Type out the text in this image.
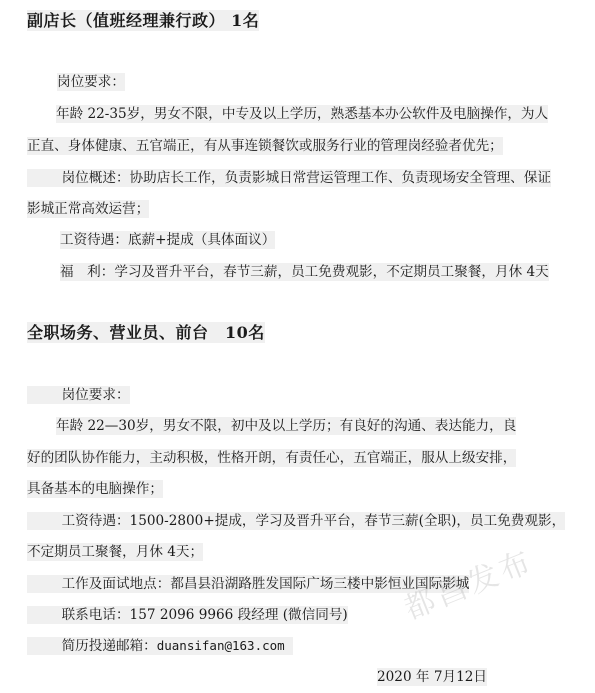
副店长（值班经理兼行政） 1名
岗位要求：
年龄 22-35岁，男女不限，中专及以上学历，熟悉基本办公软件及电脑操作，为人
正直、身体健康、五官端正，有从事连锁餐饮或服务行业的管理岗经验者优先；
岗位概述：协助店长工作，负责影城日常营运管理工作、负责现场安全管理、保证
影城正常高效运营；
工资待遇：底薪+提成（具体面议）
福　利：学习及晋升平台，春节三薪，员工免费观影，不定期员工聚餐，月休 4天
全职场务、营业员、前台　10名
岗位要求：
年龄 22—30岁，男女不限，初中及以上学历；有良好的沟通、表达能力，良
好的团队协作能力，主动积极，性格开朗，有责任心，五官端正，服从上级安排，
具备基本的电脑操作；
工资待遇：1500-2800+提成，学习及晋升平台，春节三薪(全职)，员工免费观影，
不定期员工聚餐，月休 4天；
工作及面试地点：都昌县沿湖路胜发国际广场三楼中影恒业国际影城
联系电话：157 2096 9966 段经理 (微信同号)
简历投递邮箱：duansifan@163.com
2020 年 7月12日
都昌发布
